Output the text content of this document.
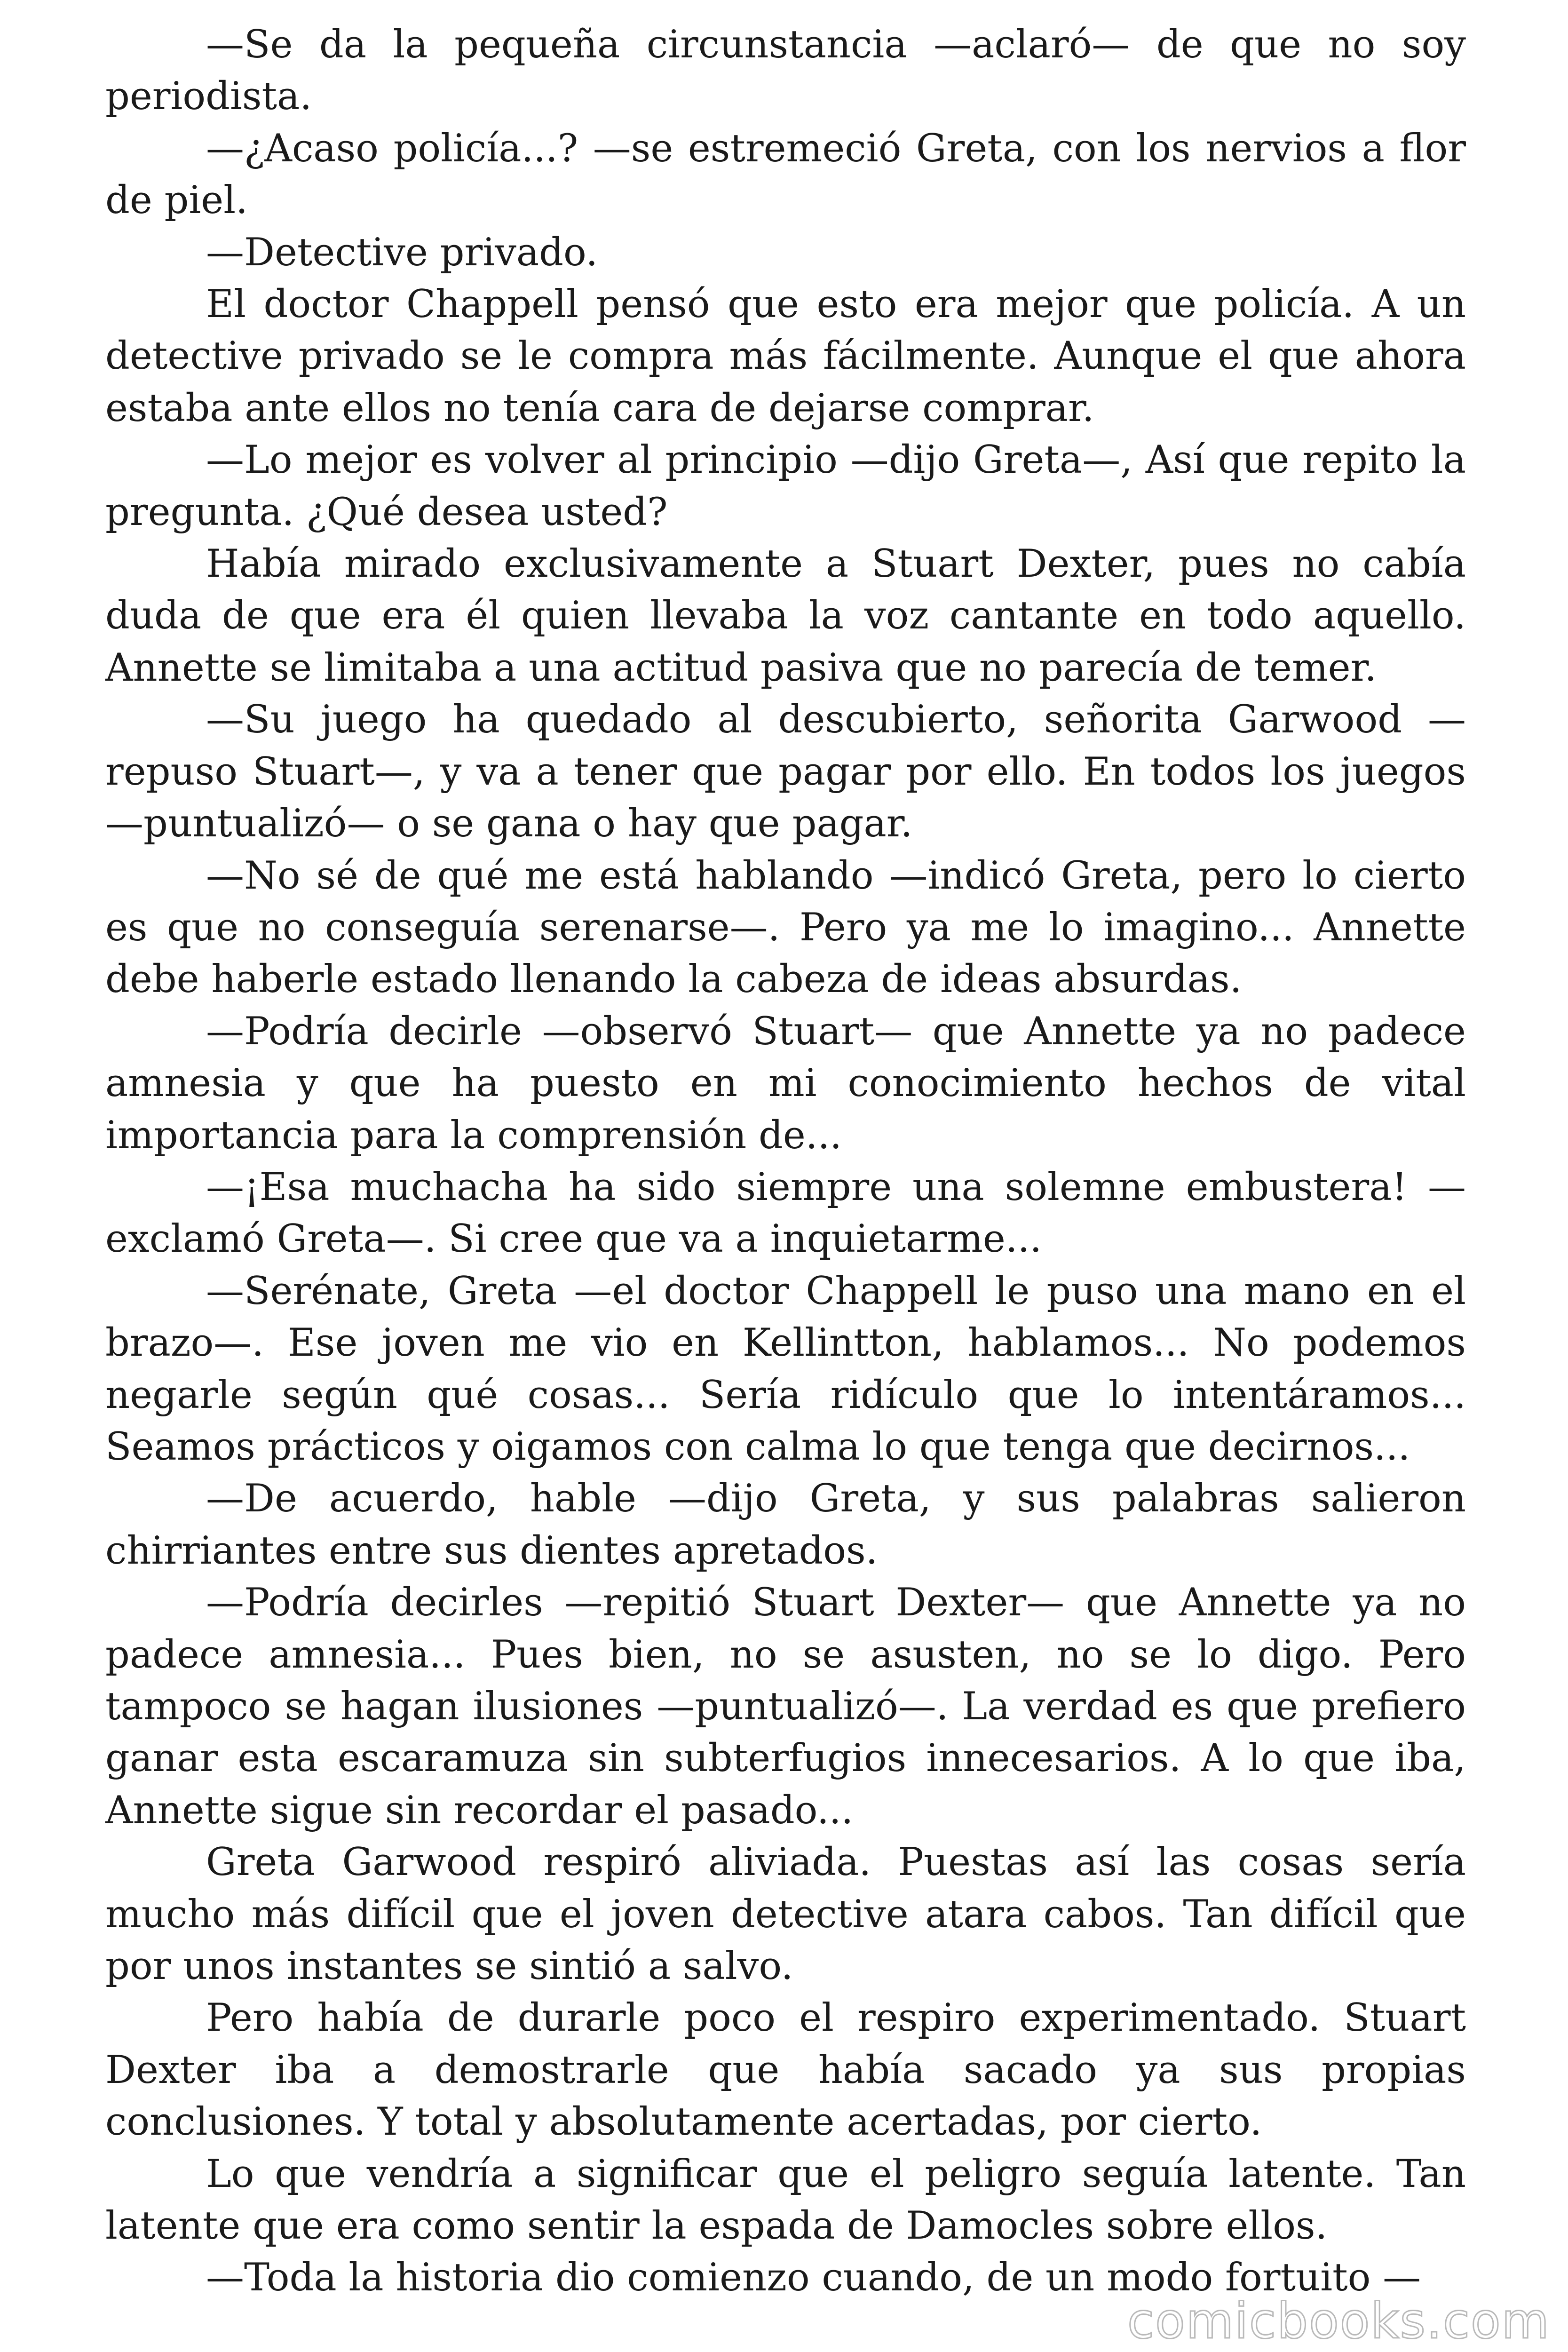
—Se da la pequeña circunstancia —aclaró— de que no soy periodista.

—¿Acaso policía...? —se estremeció Greta, con los nervios a flor de piel.

—Detective privado.

El doctor Chappell pensó que esto era mejor que policía. A un detective privado se le compra más fácilmente. Aunque el que ahora estaba ante ellos no tenía cara de dejarse comprar.

—Lo mejor es volver al principio —dijo Greta—, Así que repito la pregunta. ¿Qué desea usted?

Había mirado exclusivamente a Stuart Dexter, pues no cabía duda de que era él quien llevaba la voz cantante en todo aquello. Annette se limitaba a una actitud pasiva que no parecía de temer.

—Su juego ha quedado al descubierto, señorita Garwood —repuso Stuart—, y va a tener que pagar por ello. En todos los juegos —puntualizó— o se gana o hay que pagar.

—No sé de qué me está hablando —indicó Greta, pero lo cierto es que no conseguía serenarse—. Pero ya me lo imagino... Annette debe haberle estado llenando la cabeza de ideas absurdas.

—Podría decirle —observó Stuart— que Annette ya no padece amnesia y que ha puesto en mi conocimiento hechos de vital importancia para la comprensión de...

—¡Esa muchacha ha sido siempre una solemne embustera! —exclamó Greta—. Si cree que va a inquietarme...

—Serénate, Greta —el doctor Chappell le puso una mano en el brazo—. Ese joven me vio en Kellintton, hablamos... No podemos negarle según qué cosas... Sería ridículo que lo intentáramos... Seamos prácticos y oigamos con calma lo que tenga que decirnos...

—De acuerdo, hable —dijo Greta, y sus palabras salieron chirriantes entre sus dientes apretados.

—Podría decirles —repitió Stuart Dexter— que Annette ya no padece amnesia... Pues bien, no se asusten, no se lo digo. Pero tampoco se hagan ilusiones —puntualizó—. La verdad es que prefiero ganar esta escaramuza sin subterfugios innecesarios. A lo que iba, Annette sigue sin recordar el pasado...

Greta Garwood respiró aliviada. Puestas así las cosas sería mucho más difícil que el joven detective atara cabos. Tan difícil que por unos instantes se sintió a salvo.

Pero había de durarle poco el respiro experimentado. Stuart Dexter iba a demostrarle que había sacado ya sus propias conclusiones. Y total y absolutamente acertadas, por cierto.

Lo que vendría a significar que el peligro seguía latente. Tan latente que era como sentir la espada de Damocles sobre ellos.

—Toda la historia dio comienzo cuando, de un modo fortuito —

comicbooks.com
